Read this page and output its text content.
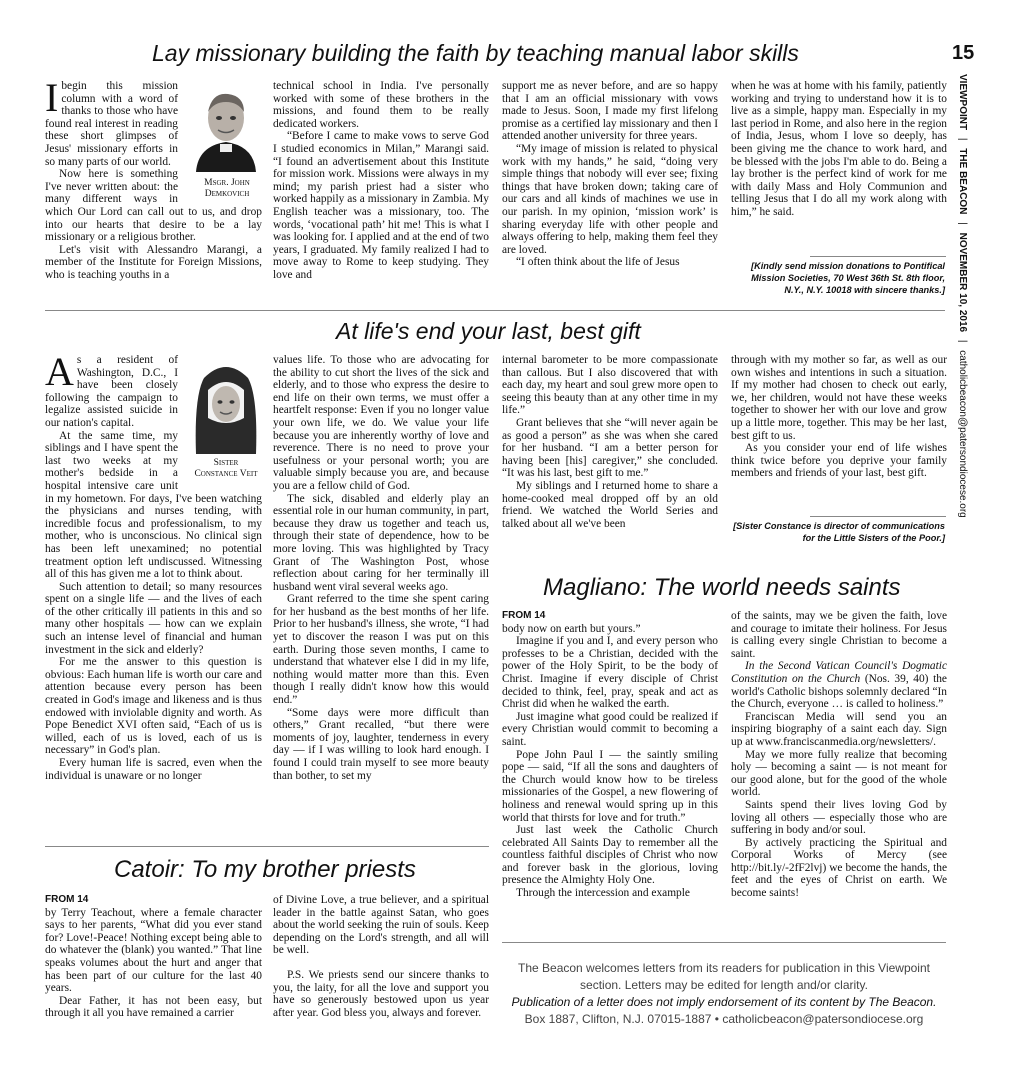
15
VIEWPOINT | THE BEACON | NOVEMBER 10, 2016 | catholicbeacon@patersondiocese.org
Lay missionary building the faith by teaching manual labor skills

Ibegin this mission column with a word of thanks to those who have found real interest in reading these short glimpses of Jesus' missionary efforts in so many parts of our world.

Now here is something I've never written about: the many different ways in which Our Lord can call out to us, and drop into our hearts that desire to be a lay missionary or a religious brother.

Let's visit with Alessandro Marangi, a member of the Institute for Foreign Missions, who is teaching youths in a

Msgr. John
Demkovich

technical school in India. I've personally worked with some of these brothers in the missions, and found them to be really dedicated workers.

“Before I came to make vows to serve God I studied economics in Milan,” Marangi said. “I found an advertisement about this Institute for mission work. Missions were always in my mind; my parish priest had a sister who worked happily as a missionary in Zambia. My English teacher was a missionary, too. The words, ‘vocational path’ hit me! This is what I was looking for. I applied and at the end of two years, I graduated. My family realized I had to move away to Rome to keep studying. They love and

support me as never before, and are so happy that I am an official missionary with vows made to Jesus. Soon, I made my first lifelong promise as a certified lay missionary and then I attended another university for three years.

“My image of mission is related to physical work with my hands,” he said, “doing very simple things that nobody will ever see; fixing things that have broken down; taking care of our cars and all kinds of machines we use in our parish. In my opinion, ‘mission work’ is sharing everyday life with other people and always offering to help, making them feel they are loved.

“I often think about the life of Jesus

when he was at home with his family, patiently working and trying to understand how it is to live as a simple, happy man. Especially in my last period in Rome, and also here in the region of India, Jesus, whom I love so deeply, has been giving me the chance to work hard, and be blessed with the jobs I'm able to do. Being a lay brother is the perfect kind of work for me with daily Mass and Holy Communion and telling Jesus that I do all my work along with him,” he said.

[Kindly send mission donations to Pontifical Mission Societies, 70 West 36th St. 8th floor, N.Y., N.Y. 10018 with sincere thanks.]
At life's end your last, best gift

As a resident of Washington, D.C., I have been closely following the campaign to legalize assisted suicide in our nation's capital.

At the same time, my siblings and I have spent the last two weeks at my mother's bedside in a hospital intensive care unit in my hometown. For days, I've been watching the physicians and nurses tending, with incredible focus and professionalism, to my mother, who is unconscious. No clinical sign has been left unexamined; no potential treatment option left undiscussed. Witnessing all of this has given me a lot to think about.

Such attention to detail; so many resources spent on a single life — and the lives of each of the other critically ill patients in this and so many other hospitals — how can we explain such an intense level of financial and human investment in the sick and elderly?

For me the answer to this question is obvious: Each human life is worth our care and attention because every person has been created in God's image and likeness and is thus endowed with inviolable dignity and worth. As Pope Benedict XVI often said, “Each of us is willed, each of us is loved, each of us is necessary” in God's plan.

Every human life is sacred, even when the individual is unaware or no longer

Sister
Constance Veit

values life. To those who are advocating for the ability to cut short the lives of the sick and elderly, and to those who express the desire to end life on their own terms, we must offer a heartfelt response: Even if you no longer value your own life, we do. We value your life because you are inherently worthy of love and reverence. There is no need to prove your usefulness or your personal worth; you are valuable simply because you are, and because you are a fellow child of God.

The sick, disabled and elderly play an essential role in our human community, in part, because they draw us together and teach us, through their state of dependence, how to be more loving. This was highlighted by Tracy Grant of The Washington Post, whose reflection about caring for her terminally ill husband went viral several weeks ago.

Grant referred to the time she spent caring for her husband as the best months of her life. Prior to her husband's illness, she wrote, “I had yet to discover the reason I was put on this earth. During those seven months, I came to understand that whatever else I did in my life, nothing would matter more than this. Even though I really didn't know how this would end.”

“Some days were more difficult than others,” Grant recalled, “but there were moments of joy, laughter, tenderness in every day — if I was willing to look hard enough. I found I could train myself to see more beauty than bother, to set my

internal barometer to be more compassionate than callous. But I also discovered that with each day, my heart and soul grew more open to seeing this beauty than at any other time in my life.”

Grant believes that she “will never again be as good a person” as she was when she cared for her husband. “I am a better person for having been [his] caregiver,” she concluded. “It was his last, best gift to me.”

My siblings and I returned home to share a home-cooked meal dropped off by an old friend. We watched the World Series and talked about all we've been

through with my mother so far, as well as our own wishes and intentions in such a situation. If my mother had chosen to check out early, we, her children, would not have these weeks together to shower her with our love and grow up a little more, together. This may be her last, best gift to us.

As you consider your end of life wishes think twice before you deprive your family members and friends of your last, best gift.

[Sister Constance is director of communications for the Little Sisters of the Poor.]
Magliano: The world needs saints

FROM 14

body now on earth but yours.”

Imagine if you and I, and every person who professes to be a Christian, decided with the power of the Holy Spirit, to be the body of Christ. Imagine if every disciple of Christ decided to think, feel, pray, speak and act as Christ did when he walked the earth.

Just imagine what good could be realized if every Christian would commit to becoming a saint.

Pope John Paul I — the saintly smiling pope — said, “If all the sons and daughters of the Church would know how to be tireless missionaries of the Gospel, a new flowering of holiness and renewal would spring up in this world that thirsts for love and for truth.”

Just last week the Catholic Church celebrated All Saints Day to remember all the countless faithful disciples of Christ who now and forever bask in the glorious, loving presence the Almighty Holy One.

Through the intercession and example

of the saints, may we be given the faith, love and courage to imitate their holiness. For Jesus is calling every single Christian to become a saint.

In the Second Vatican Council's Dogmatic Constitution on the Church (Nos. 39, 40) the world's Catholic bishops solemnly declared “In the Church, everyone … is called to holiness.”

Franciscan Media will send you an inspiring biography of a saint each day. Sign up at www.franciscanmedia.org/newsletters/.

May we more fully realize that becoming holy — becoming a saint — is not meant for our good alone, but for the good of the whole world.

Saints spend their lives loving God by loving all others — especially those who are suffering in body and/or soul.

By actively practicing the Spiritual and Corporal Works of Mercy (see http://bit.ly/-2fF2lvj) we become the hands, the feet and the eyes of Christ on earth. We become saints!

Catoir: To my brother priests

FROM 14

by Terry Teachout, where a female character says to her parents, “What did you ever stand for? Love!-Peace! Nothing except being able to do whatever the (blank) you wanted.” That line speaks volumes about the hurt and anger that has been part of our culture for the last 40 years.

Dear Father, it has not been easy, but through it all you have remained a carrier

of Divine Love, a true believer, and a spiritual leader in the battle against Satan, who goes about the world seeking the ruin of souls. Keep depending on the Lord's strength, and all will be well.

P.S. We priests send our sincere thanks to you, the laity, for all the love and support you have so generously bestowed upon us year after year. God bless you, always and forever.

The Beacon welcomes letters from its readers for publication in this Viewpoint
section. Letters may be edited for length and/or clarity.
Publication of a letter does not imply endorsement of its content by The Beacon.
Box 1887, Clifton, N.J. 07015-1887 • catholicbeacon@patersondiocese.org
